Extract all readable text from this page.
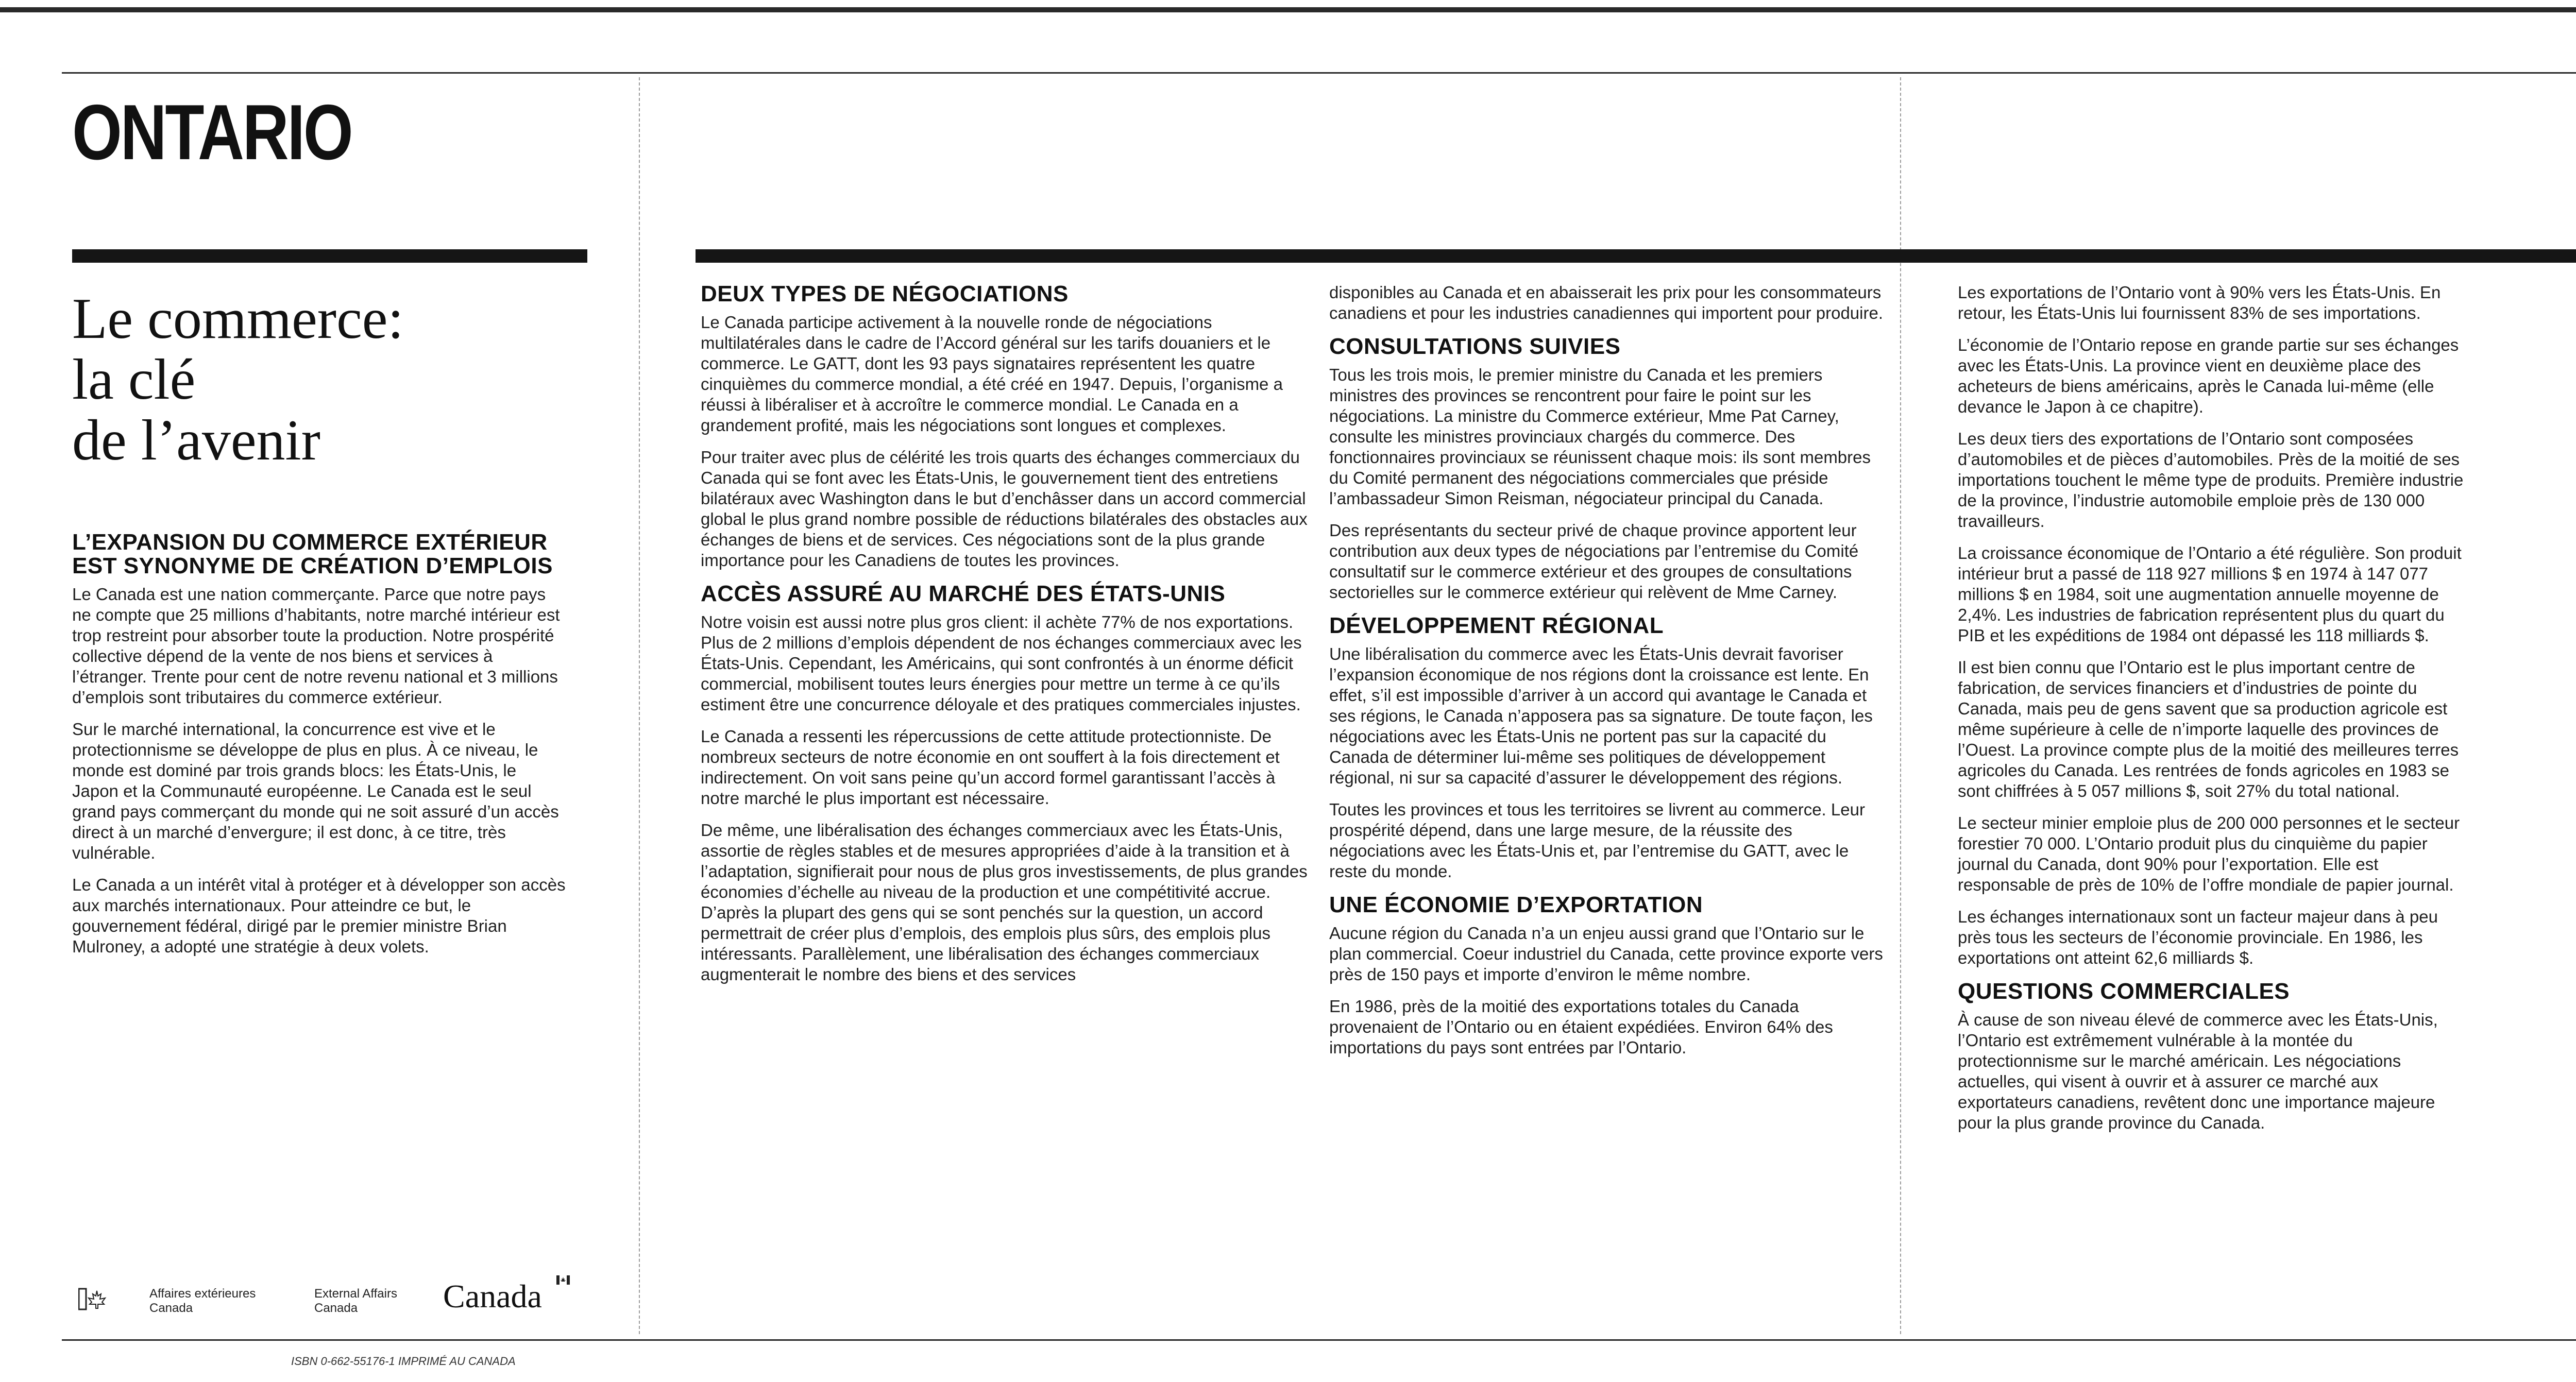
ONTARIO
Le commerce:
la clé
de l’avenir
L’EXPANSION DU COMMERCE EXTÉRIEUR EST SYNONYME DE CRÉATION D’EMPLOIS

Le Canada est une nation commerçante. Parce que notre pays ne compte que 25 millions d’habitants, notre marché intérieur est trop restreint pour absorber toute la production. Notre prospérité collective dépend de la vente de nos biens et services à l’étranger. Trente pour cent de notre revenu national et 3 millions d’emplois sont tributaires du commerce extérieur.

Sur le marché international, la concurrence est vive et le protectionnisme se développe de plus en plus. À ce niveau, le monde est dominé par trois grands blocs: les États-Unis, le Japon et la Communauté européenne. Le Canada est le seul grand pays commerçant du monde qui ne soit assuré d’un accès direct à un marché d’envergure; il est donc, à ce titre, très vulnérable.

Le Canada a un intérêt vital à protéger et à développer son accès aux marchés internationaux. Pour atteindre ce but, le gouvernement fédéral, dirigé par le premier ministre Brian Mulroney, a adopté une stratégie à deux volets.

DEUX TYPES DE NÉGOCIATIONS

Le Canada participe activement à la nouvelle ronde de négociations multilatérales dans le cadre de l’Accord général sur les tarifs douaniers et le commerce. Le GATT, dont les 93 pays signataires représentent les quatre cinquièmes du commerce mondial, a été créé en 1947. Depuis, l’organisme a réussi à libéraliser et à accroître le commerce mondial. Le Canada en a grandement profité, mais les négociations sont longues et complexes.

Pour traiter avec plus de célérité les trois quarts des échanges commerciaux du Canada qui se font avec les États-Unis, le gouvernement tient des entretiens bilatéraux avec Washington dans le but d’enchâsser dans un accord commercial global le plus grand nombre possible de réductions bilatérales des obstacles aux échanges de biens et de services. Ces négociations sont de la plus grande importance pour les Canadiens de toutes les provinces.

ACCÈS ASSURÉ AU MARCHÉ DES ÉTATS-UNIS

Notre voisin est aussi notre plus gros client: il achète 77% de nos exportations. Plus de 2 millions d’emplois dépendent de nos échanges commerciaux avec les États-Unis. Cependant, les Américains, qui sont confrontés à un énorme déficit commercial, mobilisent toutes leurs énergies pour mettre un terme à ce qu’ils estiment être une concurrence déloyale et des pratiques commerciales injustes.

Le Canada a ressenti les répercussions de cette attitude protectionniste. De nombreux secteurs de notre économie en ont souffert à la fois directement et indirectement. On voit sans peine qu’un accord formel garantissant l’accès à notre marché le plus important est nécessaire.

De même, une libéralisation des échanges commerciaux avec les États-Unis, assortie de règles stables et de mesures appropriées d’aide à la transition et à l’adaptation, signifierait pour nous de plus gros investissements, de plus grandes économies d’échelle au niveau de la production et une compétitivité accrue. D’après la plupart des gens qui se sont penchés sur la question, un accord permettrait de créer plus d’emplois, des emplois plus sûrs, des emplois plus intéressants. Parallèlement, une libéralisation des échanges commerciaux augmenterait le nombre des biens et des services

disponibles au Canada et en abaisserait les prix pour les consommateurs canadiens et pour les industries canadiennes qui importent pour produire.

CONSULTATIONS SUIVIES

Tous les trois mois, le premier ministre du Canada et les premiers ministres des provinces se rencontrent pour faire le point sur les négociations. La ministre du Commerce extérieur, Mme Pat Carney, consulte les ministres provinciaux chargés du commerce. Des fonctionnaires provinciaux se réunissent chaque mois: ils sont membres du Comité permanent des négociations commerciales que préside l’ambassadeur Simon Reisman, négociateur principal du Canada.

Des représentants du secteur privé de chaque province apportent leur contribution aux deux types de négociations par l’entremise du Comité consultatif sur le commerce extérieur et des groupes de consultations sectorielles sur le commerce extérieur qui relèvent de Mme Carney.

DÉVELOPPEMENT RÉGIONAL

Une libéralisation du commerce avec les États-Unis devrait favoriser l’expansion économique de nos régions dont la croissance est lente. En effet, s’il est impossible d’arriver à un accord qui avantage le Canada et ses régions, le Canada n’apposera pas sa signature. De toute façon, les négociations avec les États-Unis ne portent pas sur la capacité du Canada de déterminer lui-même ses politiques de développement régional, ni sur sa capacité d’assurer le développement des régions.

Toutes les provinces et tous les territoires se livrent au commerce. Leur prospérité dépend, dans une large mesure, de la réussite des négociations avec les États-Unis et, par l’entremise du GATT, avec le reste du monde.

UNE ÉCONOMIE D’EXPORTATION

Aucune région du Canada n’a un enjeu aussi grand que l’Ontario sur le plan commercial. Coeur industriel du Canada, cette province exporte vers près de 150 pays et importe d’environ le même nombre.

En 1986, près de la moitié des exportations totales du Canada provenaient de l’Ontario ou en étaient expédiées. Environ 64% des importations du pays sont entrées par l’Ontario.

Les exportations de l’Ontario vont à 90% vers les États-Unis. En retour, les États-Unis lui fournissent 83% de ses importations.

L’économie de l’Ontario repose en grande partie sur ses échanges avec les États-Unis. La province vient en deuxième place des acheteurs de biens américains, après le Canada lui-même (elle devance le Japon à ce chapitre).

Les deux tiers des exportations de l’Ontario sont composées d’automobiles et de pièces d’automobiles. Près de la moitié de ses importations touchent le même type de produits. Première industrie de la province, l’industrie automobile emploie près de 130 000 travailleurs.

La croissance économique de l’Ontario a été régulière. Son produit intérieur brut a passé de 118 927 millions $ en 1974 à 147 077 millions $ en 1984, soit une augmentation annuelle moyenne de 2,4%. Les industries de fabrication représentent plus du quart du PIB et les expéditions de 1984 ont dépassé les 118 milliards $.

Il est bien connu que l’Ontario est le plus important centre de fabrication, de services financiers et d’industries de pointe du Canada, mais peu de gens savent que sa production agricole est même supérieure à celle de n’importe laquelle des provinces de l’Ouest. La province compte plus de la moitié des meilleures terres agricoles du Canada. Les rentrées de fonds agricoles en 1983 se sont chiffrées à 5 057 millions $, soit 27% du total national.

Le secteur minier emploie plus de 200 000 personnes et le secteur forestier 70 000. L’Ontario produit plus du cinquième du papier journal du Canada, dont 90% pour l’exportation. Elle est responsable de près de 10% de l’offre mondiale de papier journal.

Les échanges internationaux sont un facteur majeur dans à peu près tous les secteurs de l’économie provinciale. En 1986, les exportations ont atteint 62,6 milliards $.

QUESTIONS COMMERCIALES

À cause de son niveau élevé de commerce avec les États-Unis, l’Ontario est extrêmement vulnérable à la montée du protectionnisme sur le marché américain. Les négociations actuelles, qui visent à ouvrir et à assurer ce marché aux exportateurs canadiens, revêtent donc une importance majeure pour la plus grande province du Canada.

Affaires extérieures
Canada
External Affairs
Canada	Canada
ISBN 0-662-55176-1 IMPRIMÉ AU CANADA
